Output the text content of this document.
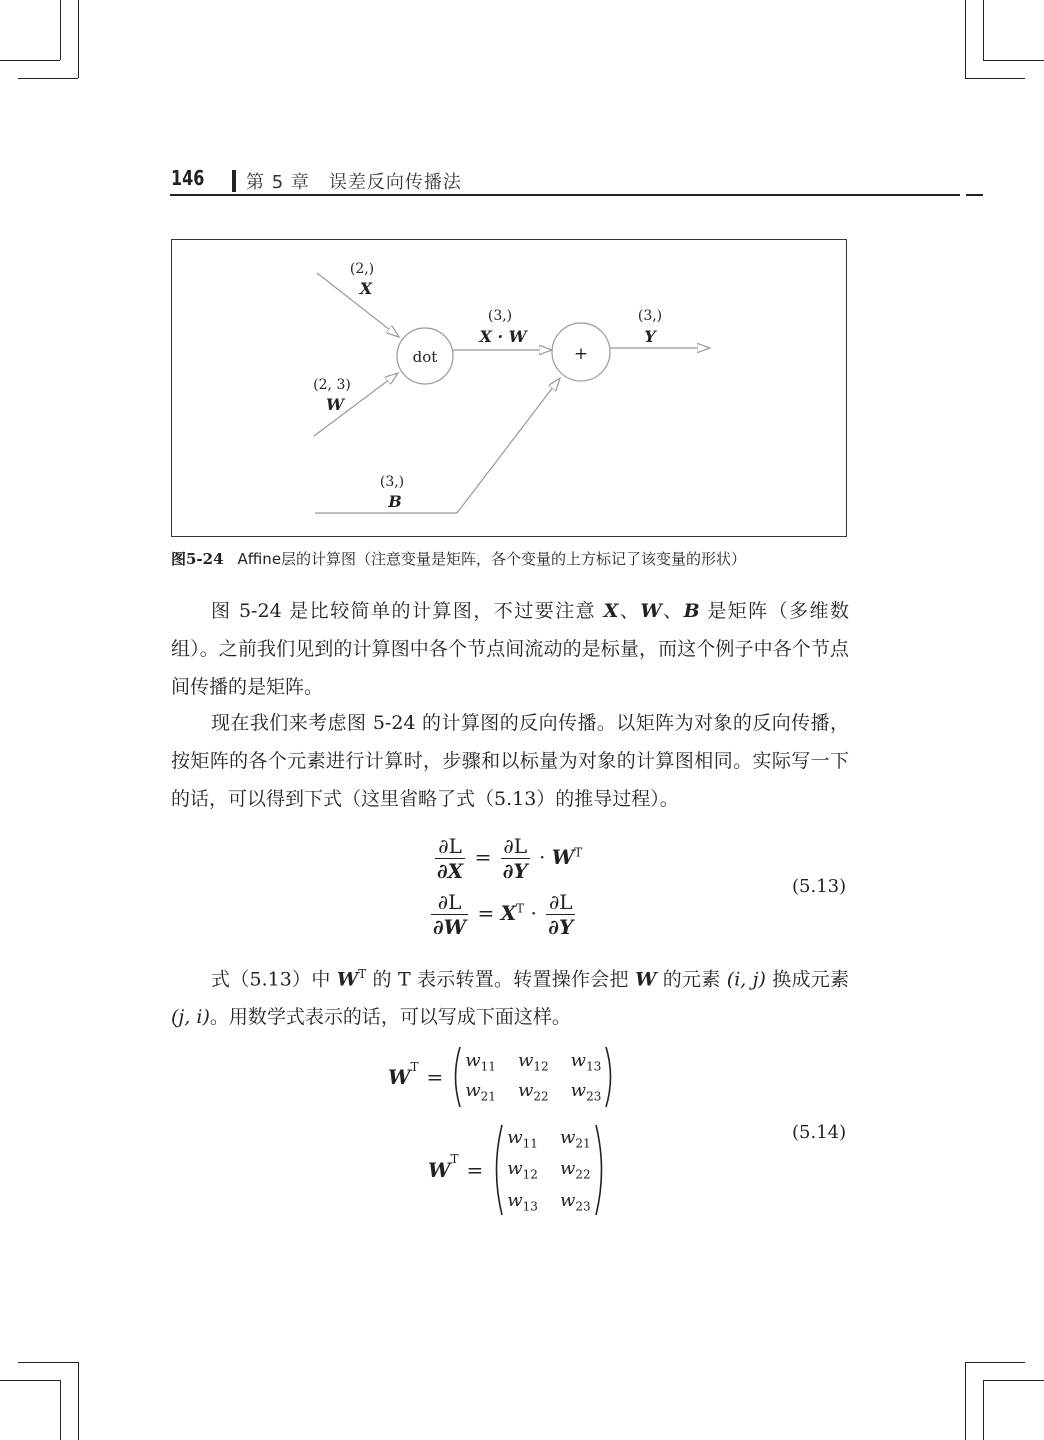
146 第 5 章　误差反向传播法
dot	+
(2,)
X
(3,)
X · W
(3,)
Y
(2, 3)
W
(3,)
B
图5-24 Affine层的计算图（注意变量是矩阵，各个变量的上方标记了该变量的形状）
图 5-24 是比较简单的计算图，不过要注意 X、W、B 是矩阵（多维数组）。之前我们见到的计算图中各个节点间流动的是标量，而这个例子中各个节点间传播的是矩阵。
现在我们来考虑图 5-24 的计算图的反向传播。以矩阵为对象的反向传播，按矩阵的各个元素进行计算时，步骤和以标量为对象的计算图相同。实际写一下的话，可以得到下式（这里省略了式（5.13）的推导过程）。
$\frac{\partial L}{\partial X} = \frac{\partial L}{\partial Y} \cdot W^T$
$\frac{\partial L}{\partial W} = X^T \cdot \frac{\partial L}{\partial Y}$
(5.13)
式（5.13）中 $W^T$ 的 T 表示转置。转置操作会把 W 的元素 (i, j) 换成元素 (j, i)。用数学式表示的话，可以写成下面这样。
$W^T$ =
$w_{11}$ $w_{12}$ $w_{13}$
$w_{21}$ $w_{22}$ $w_{23}$
$W^T$ =
$w_{11}$ $w_{21}$
$w_{12}$ $w_{22}$
$w_{13}$ $w_{23}$
(5.14)
